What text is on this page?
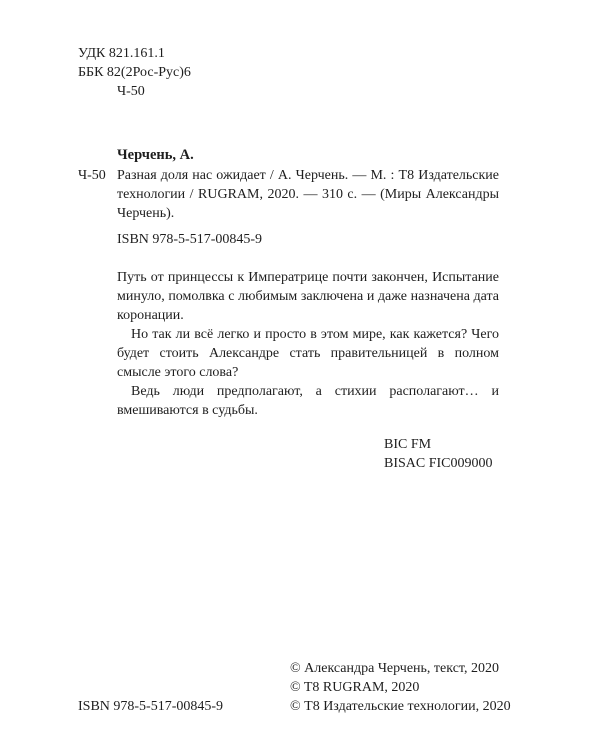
УДК 821.161.1
ББК 82(2Рос-Рус)6
Ч-50
Черчень, А.
Ч-50 Разная доля нас ожидает / А. Черчень. — М. : Т8 Издательские технологии / RUGRAM, 2020. — 310 с. — (Миры Александры Черчень).
ISBN 978-5-517-00845-9

Путь от принцессы к Императрице почти закончен, Испытание минуло, помолвка с любимым заключена и даже назначена дата коронации.

Но так ли всё легко и просто в этом мире, как кажется? Чего будет стоить Александре стать правительницей в полном смысле этого слова?

Ведь люди предполагают, а стихии располагают… и вмешиваются в судьбы.

BIC FM
BISAC FIC009000
© Александра Черчень, текст, 2020
© T8 RUGRAM, 2020
© Т8 Издательские технологии, 2020
ISBN 978-5-517-00845-9
